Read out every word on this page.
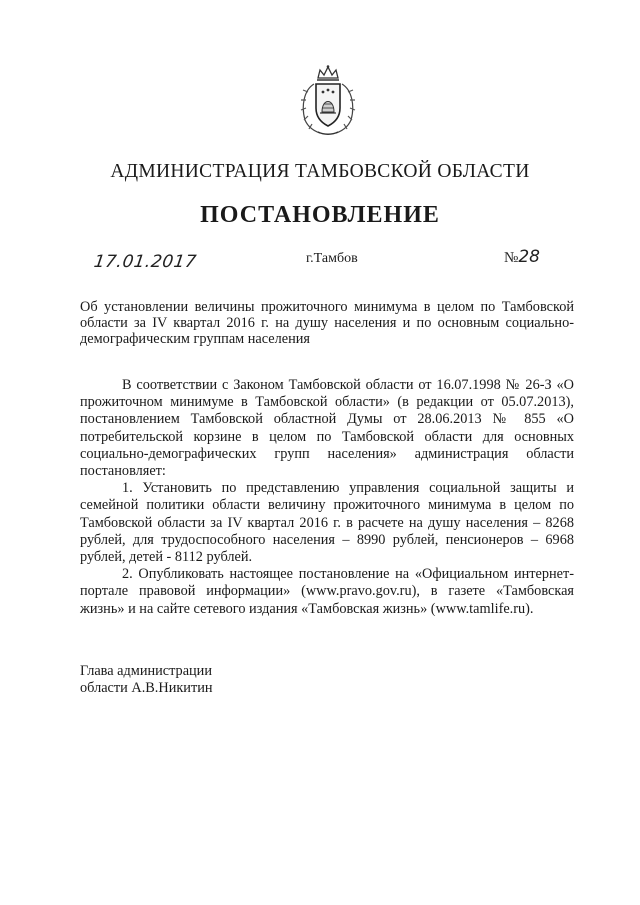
АДМИНИСТРАЦИЯ ТАМБОВСКОЙ ОБЛАСТИ
ПОСТАНОВЛЕНИЕ
17.01.2017	г.Тамбов	№28
Об установлении величины прожиточного минимума в целом по Тамбовской области за IV квартал 2016 г. на душу населения и по основным социально-демографическим группам населения

В соответствии с Законом Тамбовской области от 16.07.1998 № 26-З «О прожиточном минимуме в Тамбовской области» (в редакции от 05.07.2013), постановлением Тамбовской областной Думы от 28.06.2013 № 855 «О потребительской корзине в целом по Тамбовской области для основных социально-демографических групп населения» администрация области постановляет:

1. Установить по представлению управления социальной защиты и семейной политики области величину прожиточного минимума в целом по Тамбовской области за IV квартал 2016 г. в расчете на душу населения – 8268 рублей, для трудоспособного населения – 8990 рублей, пенсионеров – 6968 рублей, детей - 8112 рублей.

2. Опубликовать настоящее постановление на «Официальном интернет-портале правовой информации» (www.pravo.gov.ru), в газете «Тамбовская жизнь» и на сайте сетевого издания «Тамбовская жизнь» (www.tamlife.ru).

Глава администрации
области А.В.Никитин
